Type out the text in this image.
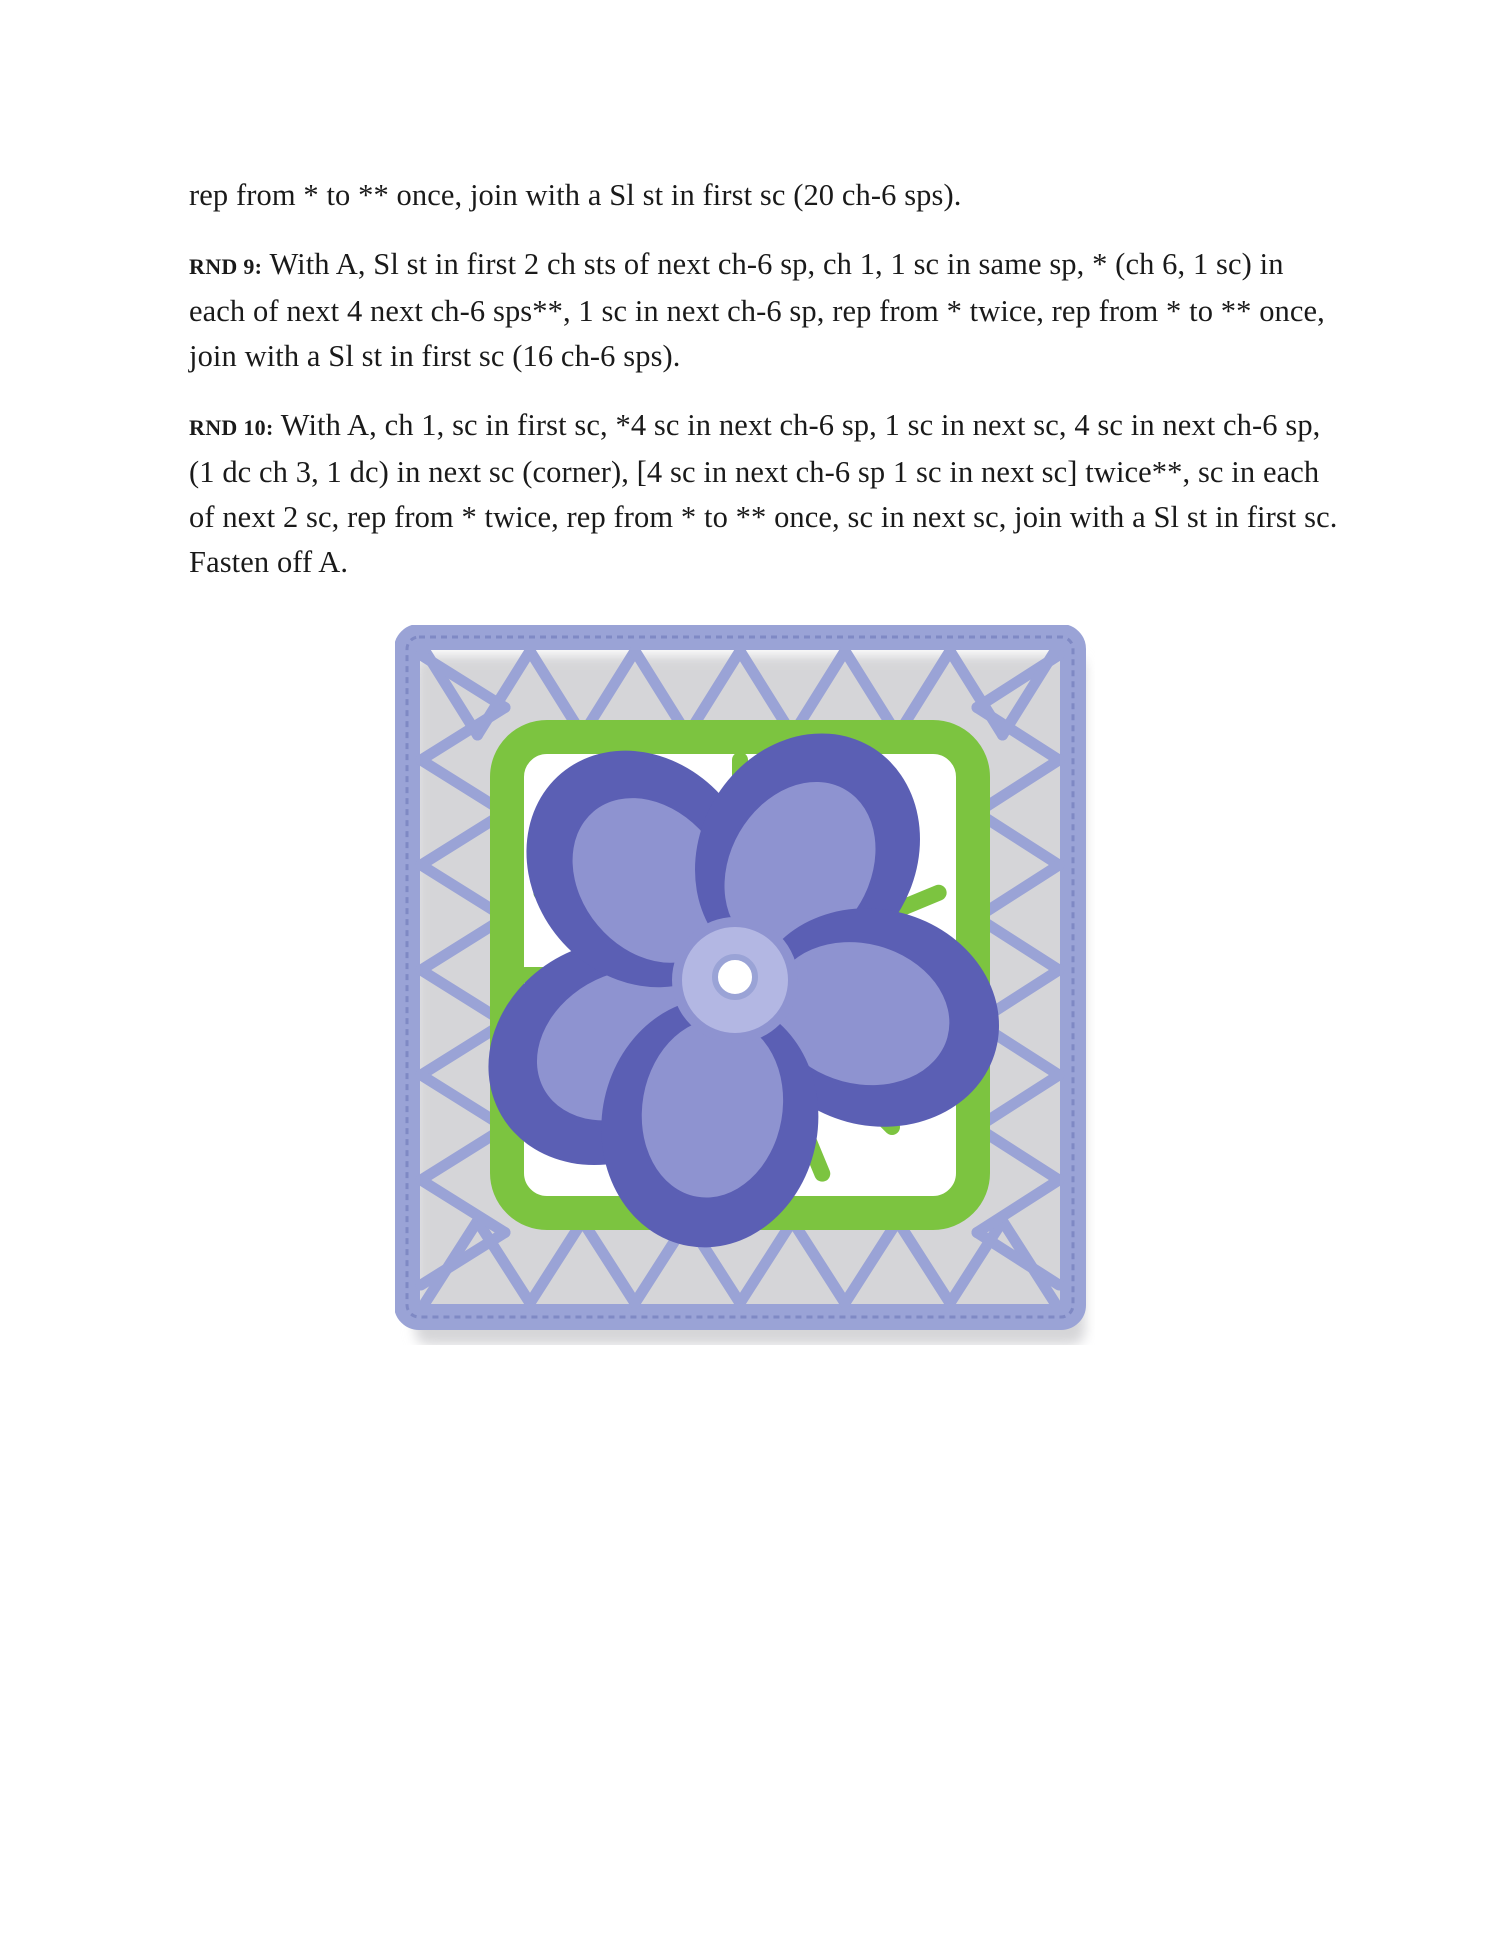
rep from * to ** once, join with a Sl st in first sc (20 ch-6 sps).

RND 9: With A, Sl st in first 2 ch sts of next ch-6 sp, ch 1, 1 sc in same sp, * (ch 6, 1 sc) in each of next 4 next ch-6 sps**, 1 sc in next ch-6 sp, rep from * twice, rep from * to ** once, join with a Sl st in first sc (16 ch-6 sps).

RND 10: With A, ch 1, sc in first sc, *4 sc in next ch-6 sp, 1 sc in next sc, 4 sc in next ch-6 sp, (1 dc ch 3, 1 dc) in next sc (corner), [4 sc in next ch-6 sp 1 sc in next sc] twice**, sc in each of next 2 sc, rep from * twice, rep from * to ** once, sc in next sc, join with a Sl st in first sc. Fasten off A.
